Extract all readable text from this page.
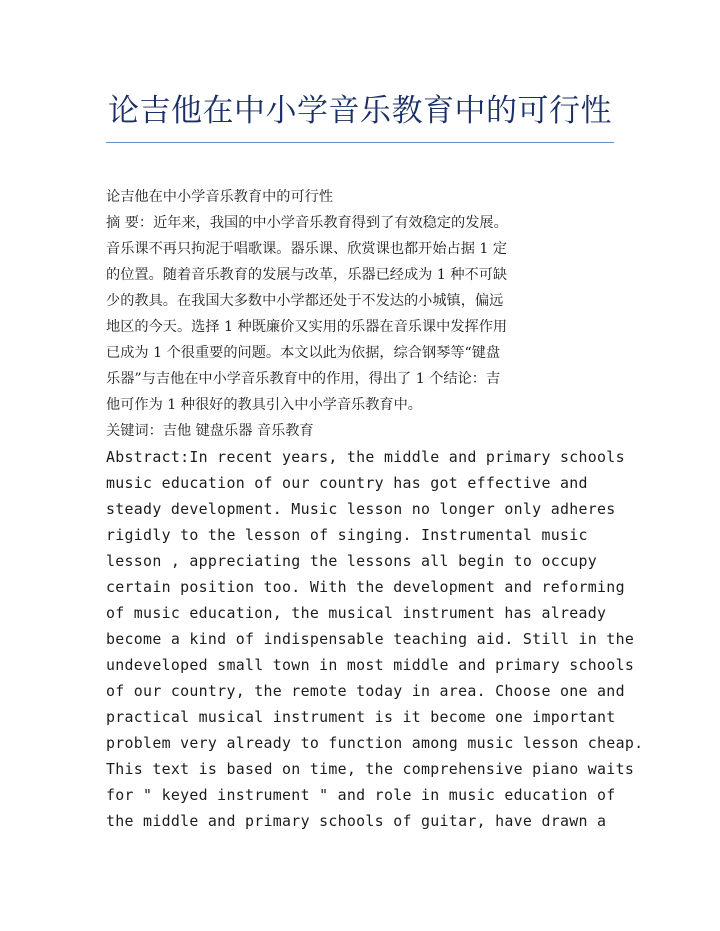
论吉他在中小学音乐教育中的可行性
论吉他在中小学音乐教育中的可行性
摘 要：近年来，我国的中小学音乐教育得到了有效稳定的发展。
音乐课不再只拘泥于唱歌课。器乐课、欣赏课也都开始占据 1 定
的位置。随着音乐教育的发展与改革，乐器已经成为 1 种不可缺
少的教具。在我国大多数中小学都还处于不发达的小城镇，偏远
地区的今天。选择 1 种既廉价又实用的乐器在音乐课中发挥作用
已成为 1 个很重要的问题。本文以此为依据，综合钢琴等“键盘
乐器”与吉他在中小学音乐教育中的作用，得出了 1 个结论：吉
他可作为 1 种很好的教具引入中小学音乐教育中。
关键词：吉他 键盘乐器 音乐教育
Abstract:In recent years, the middle and primary schools
music education of our country has got effective and
steady development. Music lesson no longer only adheres
rigidly to the lesson of singing. Instrumental music
lesson , appreciating the lessons all begin to occupy
certain position too. With the development and reforming
of music education, the musical instrument has already
become a kind of indispensable teaching aid. Still in the
undeveloped small town in most middle and primary schools
of our country, the remote today in area. Choose one and
practical musical instrument is it become one important
problem very already to function among music lesson cheap.
This text is based on time, the comprehensive piano waits
for " keyed instrument " and role in music education of
the middle and primary schools of guitar, have drawn a
